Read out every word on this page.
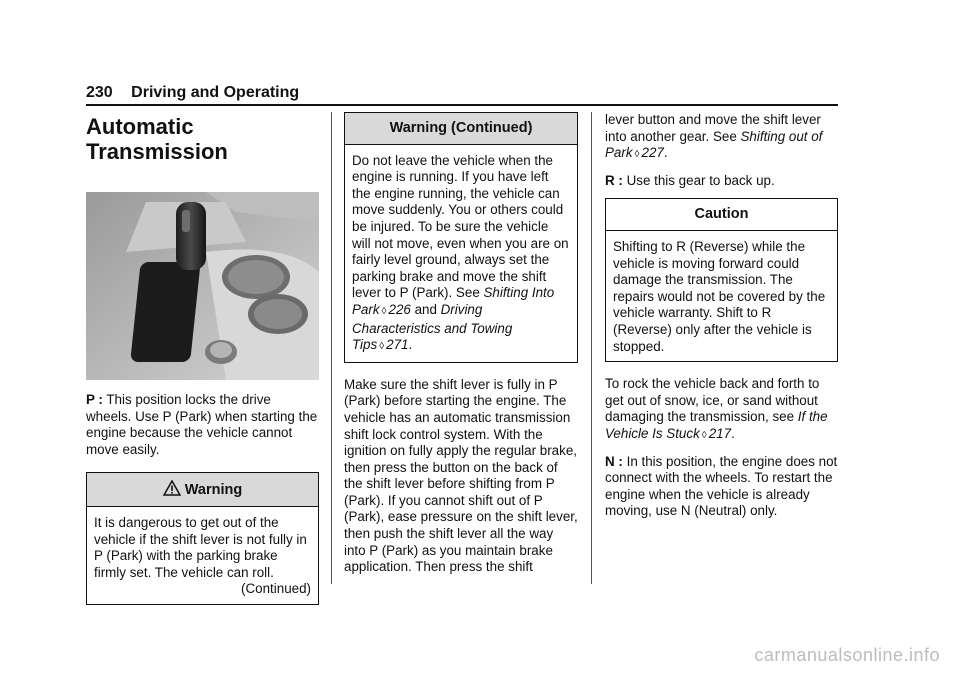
230 Driving and Operating
Automatic
Transmission

P : This position locks the drive wheels. Use P (Park) when starting the engine because the vehicle cannot move easily.

Warning

It is dangerous to get out of the vehicle if the shift lever is not fully in P (Park) with the parking brake firmly set. The vehicle can roll.

(Continued)
Warning (Continued)

Do not leave the vehicle when the engine is running. If you have left the engine running, the vehicle can move suddenly. You or others could be injured. To be sure the vehicle will not move, even when you are on fairly level ground, always set the parking brake and move the shift lever to P (Park). See Shifting Into Park ◊ 226 and Driving Characteristics and Towing Tips ◊ 271.

Make sure the shift lever is fully in P (Park) before starting the engine. The vehicle has an automatic transmission shift lock control system. With the ignition on fully apply the regular brake, then press the button on the back of the shift lever before shifting from P (Park). If you cannot shift out of P (Park), ease pressure on the shift lever, then push the shift lever all the way into P (Park) as you maintain brake application. Then press the shift

lever button and move the shift lever into another gear. See Shifting out of Park ◊ 227.

R : Use this gear to back up.

Caution

Shifting to R (Reverse) while the vehicle is moving forward could damage the transmission. The repairs would not be covered by the vehicle warranty. Shift to R (Reverse) only after the vehicle is stopped.

To rock the vehicle back and forth to get out of snow, ice, or sand without damaging the transmission, see If the Vehicle Is Stuck ◊ 217.

N : In this position, the engine does not connect with the wheels. To restart the engine when the vehicle is already moving, use N (Neutral) only.

carmanualsonline.info
